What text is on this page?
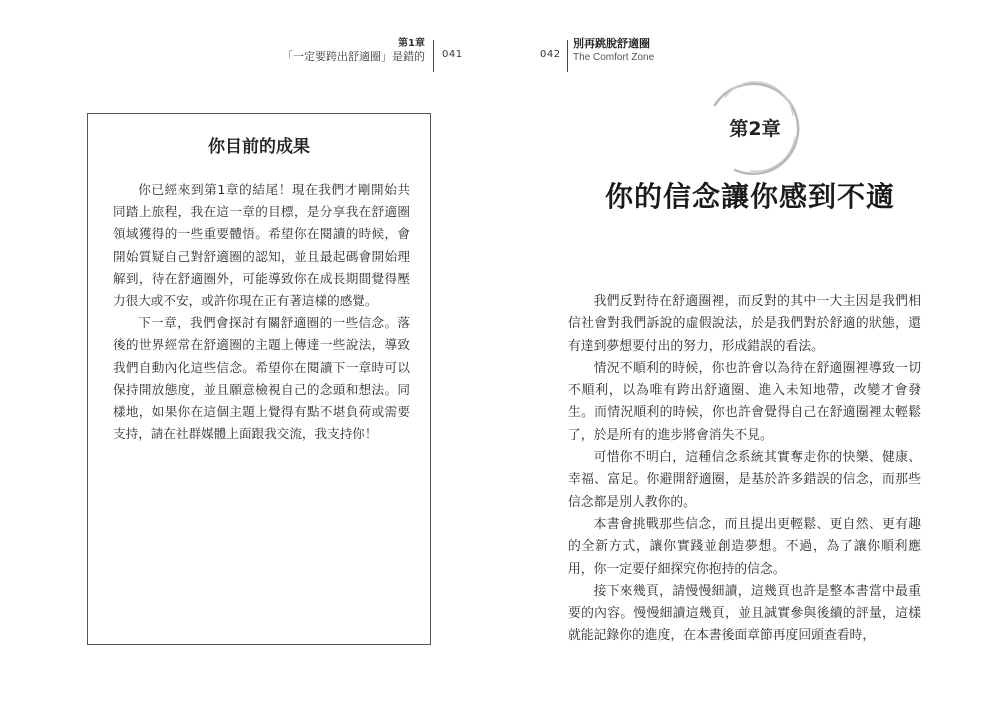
第1章
「一定要跨出舒適圈」是錯的 041
你目前的成果

你已經來到第1章的結尾！現在我們才剛開始共同踏上旅程，我在這一章的目標，是分享我在舒適圈領域獲得的一些重要體悟。希望你在閱讀的時候，會開始質疑自己對舒適圈的認知，並且最起碼會開始理解到，待在舒適圈外，可能導致你在成長期間覺得壓力很大或不安，或許你現在正有著這樣的感覺。

下一章，我們會探討有關舒適圈的一些信念。落後的世界經常在舒適圈的主題上傳達一些說法，導致我們自動內化這些信念。希望你在閱讀下一章時可以保持開放態度，並且願意檢視自己的念頭和想法。同樣地，如果你在這個主題上覺得有點不堪負荷或需要支持，請在社群媒體上面跟我交流，我支持你！

042
別再跳脫舒適圈
The Comfort Zone
第2章
你的信念讓你感到不適

我們反對待在舒適圈裡，而反對的其中一大主因是我們相信社會對我們訴說的虛假說法，於是我們對於舒適的狀態，還有達到夢想要付出的努力，形成錯誤的看法。

情況不順利的時候，你也許會以為待在舒適圈裡導致一切不順利，以為唯有跨出舒適圈、進入未知地帶，改變才會發生。而情況順利的時候，你也許會覺得自己在舒適圈裡太輕鬆了，於是所有的進步將會消失不見。

可惜你不明白，這種信念系統其實奪走你的快樂、健康、幸福、富足。你避開舒適圈，是基於許多錯誤的信念，而那些信念都是別人教你的。

本書會挑戰那些信念，而且提出更輕鬆、更自然、更有趣的全新方式，讓你實踐並創造夢想。不過，為了讓你順利應用，你一定要仔細探究你抱持的信念。

接下來幾頁，請慢慢細讀，這幾頁也許是整本書當中最重要的內容。慢慢細讀這幾頁，並且誠實參與後續的評量，這樣就能記錄你的進度，在本書後面章節再度回頭查看時，
